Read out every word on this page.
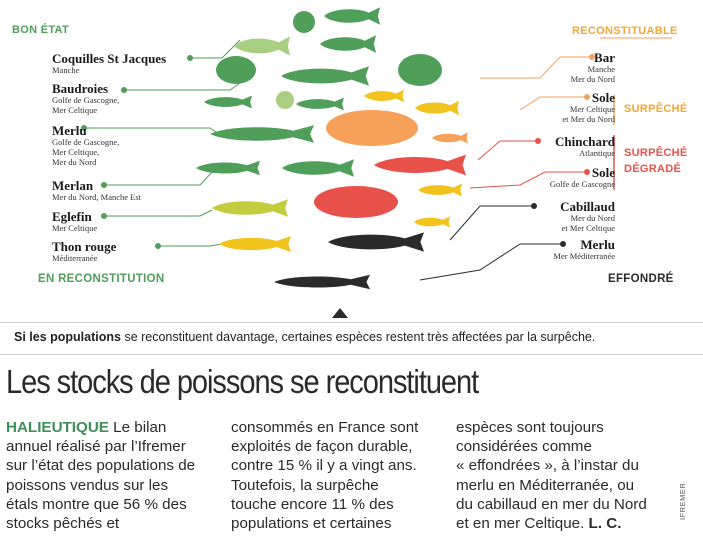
BON ÉTAT	RECONSTITUABLE
EN RECONSTITUTION	EFFONDRÉ
SURPÊCHÉ
SURPÊCHÉ
DÉGRADÉ
Coquilles St Jacques
Manche
Baudroies
Golfe de Gascogne,
Mer Celtique
Merlu
Golfe de Gascogne,
Mer Celtique,
Mer du Nord
Merlan
Mer du Nord, Manche Est
Eglefin
Mer Celtique
Thon rouge
Méditerranée
Bar
Manche
Mer du Nord
Sole
Mer Celtique
et Mer du Nord
Chinchard
Atlantique
Sole
Golfe de Gascogne
Cabillaud
Mer du Nord
et Mer Celtique
Merlu
Mer Méditerranée
Si les populations se reconstituent davantage, certaines espèces restent très affectées par la surpêche.
Les stocks de poissons se reconstituent
HALIEUTIQUE Le bilan
annuel réalisé par l’Ifremer
sur l’état des populations de
poissons vendus sur les
étals montre que 56 % des
stocks pêchés et
consommés en France sont
exploités de façon durable,
contre 15 % il y a vingt ans.
Toutefois, la surpêche
touche encore 11 % des
populations et certaines
espèces sont toujours
considérées comme
« effondrées », à l’instar du
merlu en Méditerranée, ou
du cabillaud en mer du Nord
et en mer Celtique. L. C.
IFREMER
